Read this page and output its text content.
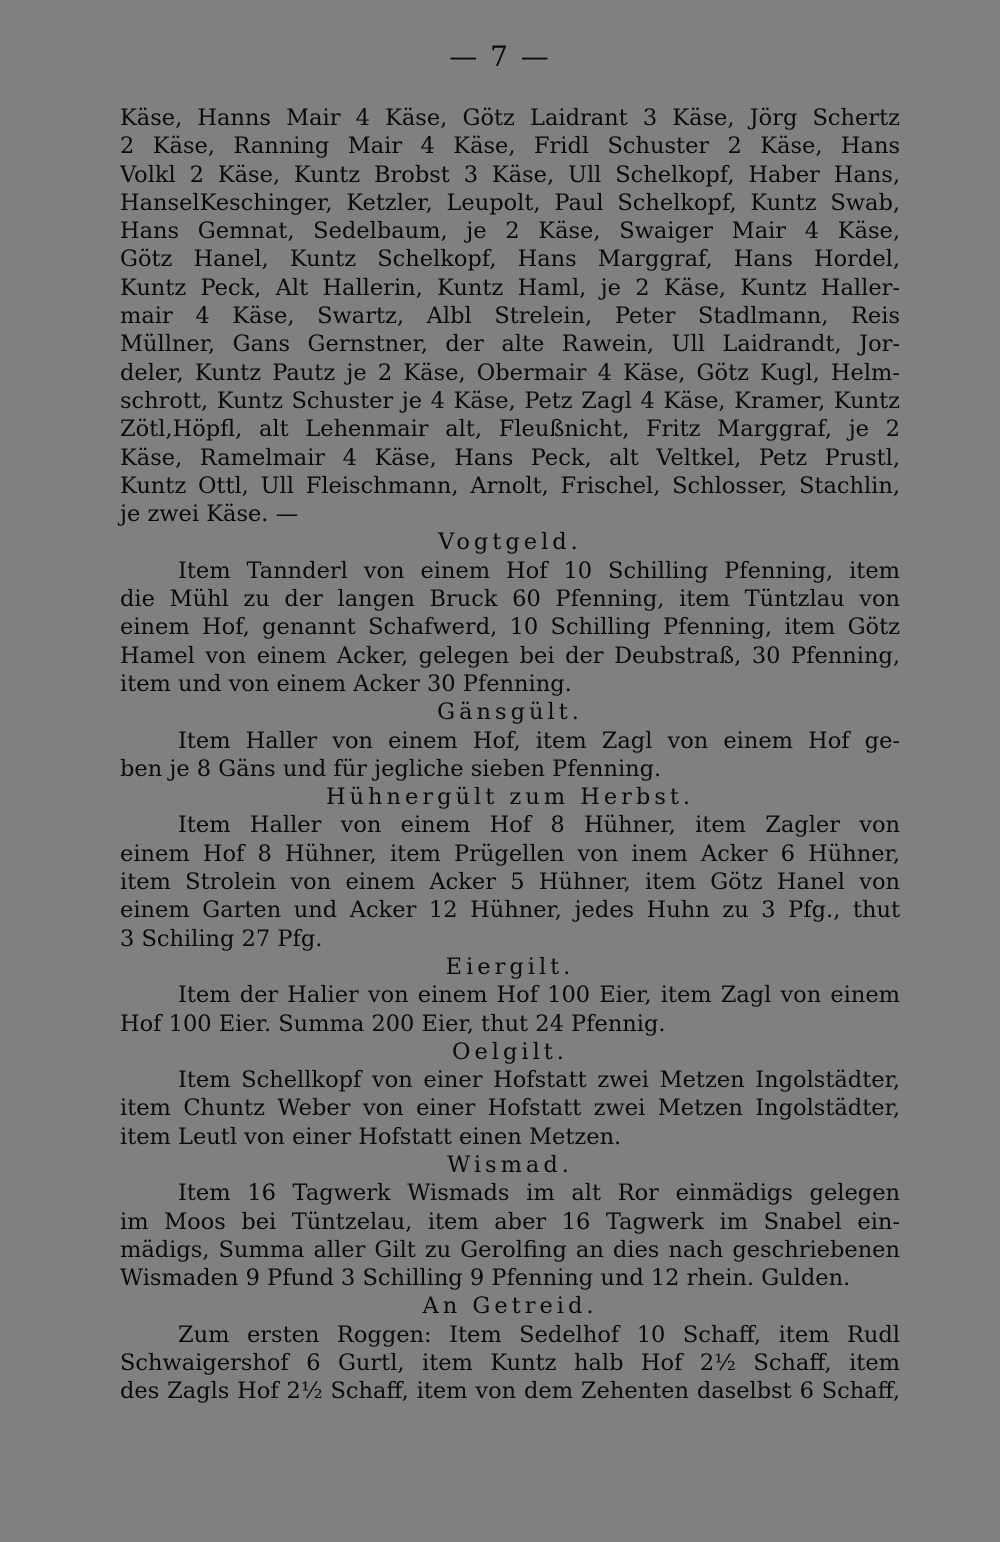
— 7 —
Käse, Hanns Mair 4 Käse, Götz Laidrant 3 Käse, Jörg Schertz
2 Käse, Ranning Mair 4 Käse, Fridl Schuster 2 Käse, Hans
Volkl 2 Käse, Kuntz Brobst 3 Käse, Ull Schelkopf, Haber Hans,
HanselKeschinger, Ketzler, Leupolt, Paul Schelkopf, Kuntz Swab,
Hans Gemnat, Sedelbaum, je 2 Käse, Swaiger Mair 4 Käse,
Götz Hanel, Kuntz Schelkopf, Hans Marggraf, Hans Hordel,
Kuntz Peck, Alt Hallerin, Kuntz Haml, je 2 Käse, Kuntz Haller-
mair 4 Käse, Swartz, Albl Strelein, Peter Stadlmann, Reis
Müllner, Gans Gernstner, der alte Rawein, Ull Laidrandt, Jor-
deler, Kuntz Pautz je 2 Käse, Obermair 4 Käse, Götz Kugl, Helm-
schrott, Kuntz Schuster je 4 Käse, Petz Zagl 4 Käse, Kramer, Kuntz
Zötl,Höpfl, alt Lehenmair alt, Fleußnicht, Fritz Marggraf, je 2
Käse, Ramelmair 4 Käse, Hans Peck, alt Veltkel, Petz Prustl,
Kuntz Ottl, Ull Fleischmann, Arnolt, Frischel, Schlosser, Stachlin,
je zwei Käse. —
Vogtgeld.
Item Tannderl von einem Hof 10 Schilling Pfenning, item
die Mühl zu der langen Bruck 60 Pfenning, item Tüntzlau von
einem Hof, genannt Schafwerd, 10 Schilling Pfenning, item Götz
Hamel von einem Acker, gelegen bei der Deubstraß, 30 Pfenning,
item und von einem Acker 30 Pfenning.
Gänsgült.
Item Haller von einem Hof, item Zagl von einem Hof ge-
ben je 8 Gäns und für jegliche sieben Pfenning.
Hühnergült zum Herbst.
Item Haller von einem Hof 8 Hühner, item Zagler von
einem Hof 8 Hühner, item Prügellen von inem Acker 6 Hühner,
item Strolein von einem Acker 5 Hühner, item Götz Hanel von
einem Garten und Acker 12 Hühner, jedes Huhn zu 3 Pfg., thut
3 Schiling 27 Pfg.
Eiergilt.
Item der Halier von einem Hof 100 Eier, item Zagl von einem
Hof 100 Eier. Summa 200 Eier, thut 24 Pfennig.
Oelgilt.
Item Schellkopf von einer Hofstatt zwei Metzen Ingolstädter,
item Chuntz Weber von einer Hofstatt zwei Metzen Ingolstädter,
item Leutl von einer Hofstatt einen Metzen.
Wismad.
Item 16 Tagwerk Wismads im alt Ror einmädigs gelegen
im Moos bei Tüntzelau, item aber 16 Tagwerk im Snabel ein-
mädigs, Summa aller Gilt zu Gerolfing an dies nach geschriebenen
Wismaden 9 Pfund 3 Schilling 9 Pfenning und 12 rhein. Gulden.
An Getreid.
Zum ersten Roggen: Item Sedelhof 10 Schaff, item Rudl
Schwaigershof 6 Gurtl, item Kuntz halb Hof 2½ Schaff, item
des Zagls Hof 2½ Schaff, item von dem Zehenten daselbst 6 Schaff,
